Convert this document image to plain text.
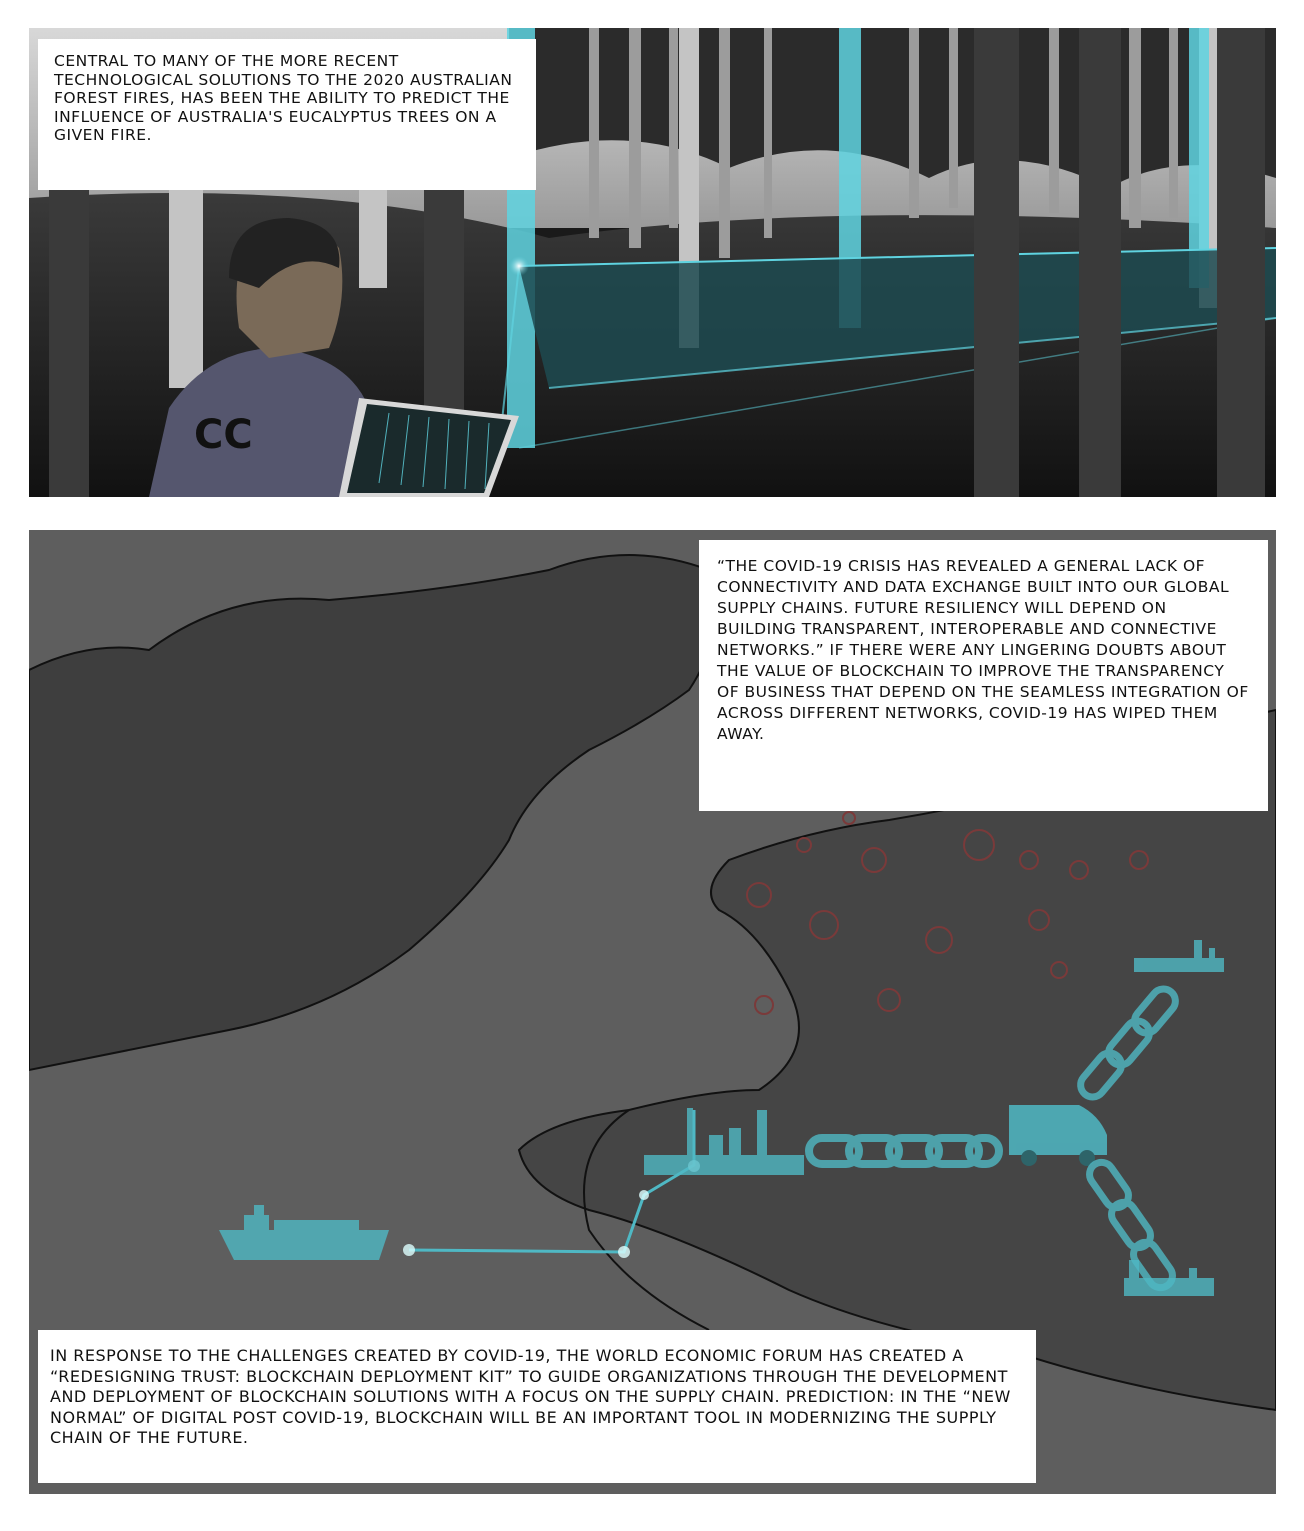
CC
CENTRAL TO MANY OF THE MORE RECENT TECHNOLOGICAL SOLUTIONS TO THE 2020 AUSTRALIAN FOREST FIRES, HAS BEEN THE ABILITY TO PREDICT THE INFLUENCE OF AUSTRALIA'S EUCALYPTUS TREES ON A GIVEN FIRE.
“THE COVID-19 CRISIS HAS REVEALED A GENERAL LACK OF CONNECTIVITY AND DATA EXCHANGE BUILT INTO OUR GLOBAL SUPPLY CHAINS. FUTURE RESILIENCY WILL DEPEND ON BUILDING TRANSPARENT, INTEROPERABLE AND CONNECTIVE NETWORKS.” IF THERE WERE ANY LINGERING DOUBTS ABOUT THE VALUE OF BLOCKCHAIN TO IMPROVE THE TRANSPARENCY OF BUSINESS THAT DEPEND ON THE SEAMLESS INTEGRATION OF ACROSS DIFFERENT NETWORKS, COVID-19 HAS WIPED THEM AWAY.
IN RESPONSE TO THE CHALLENGES CREATED BY COVID-19, THE WORLD ECONOMIC FORUM HAS CREATED A “REDESIGNING TRUST: BLOCKCHAIN DEPLOYMENT KIT” TO GUIDE ORGANIZATIONS THROUGH THE DEVELOPMENT AND DEPLOYMENT OF BLOCKCHAIN SOLUTIONS WITH A FOCUS ON THE SUPPLY CHAIN. PREDICTION: IN THE “NEW NORMAL” OF DIGITAL POST COVID-19, BLOCKCHAIN WILL BE AN IMPORTANT TOOL IN MODERNIZING THE SUPPLY CHAIN OF THE FUTURE.
